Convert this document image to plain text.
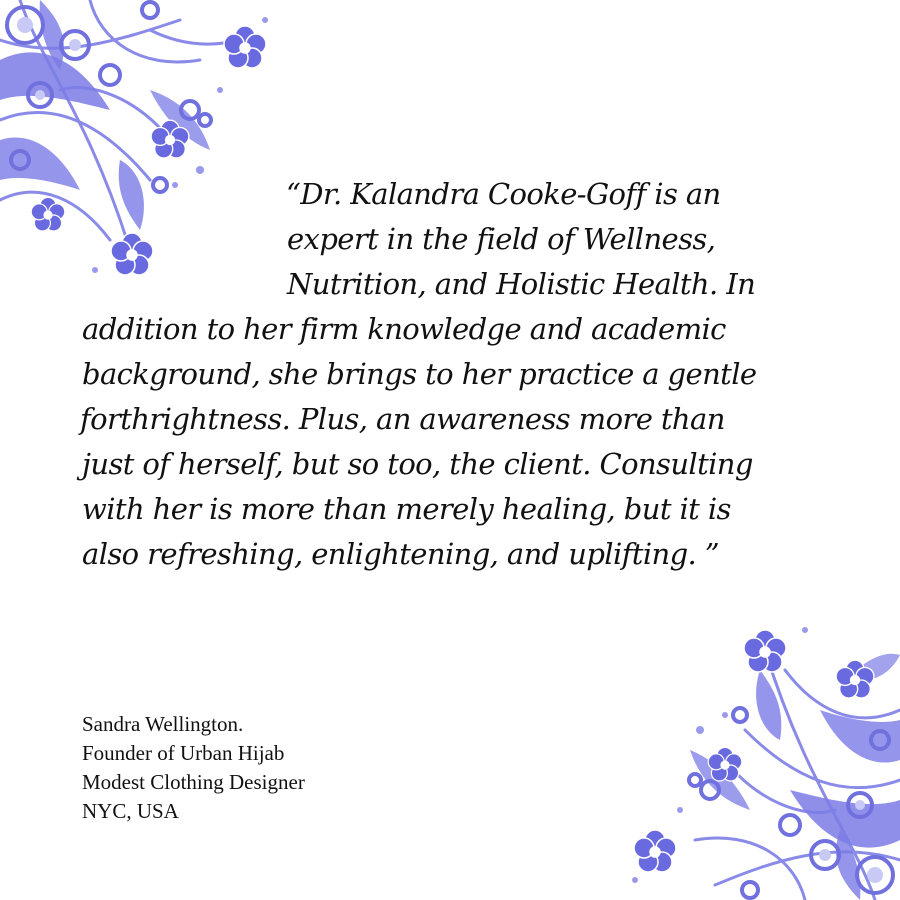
“Dr. Kalandra Cooke-Goff is an
expert in the field of Wellness,
Nutrition, and Holistic Health. In
addition to her firm knowledge and academic
background, she brings to her practice a gentle
forthrightness. Plus, an awareness more than
just of herself, but so too, the client. Consulting
with her is more than merely healing, but it is
also refreshing, enlightening, and uplifting. ”
Sandra Wellington.
Founder of Urban Hijab
Modest Clothing Designer
NYC, USA
